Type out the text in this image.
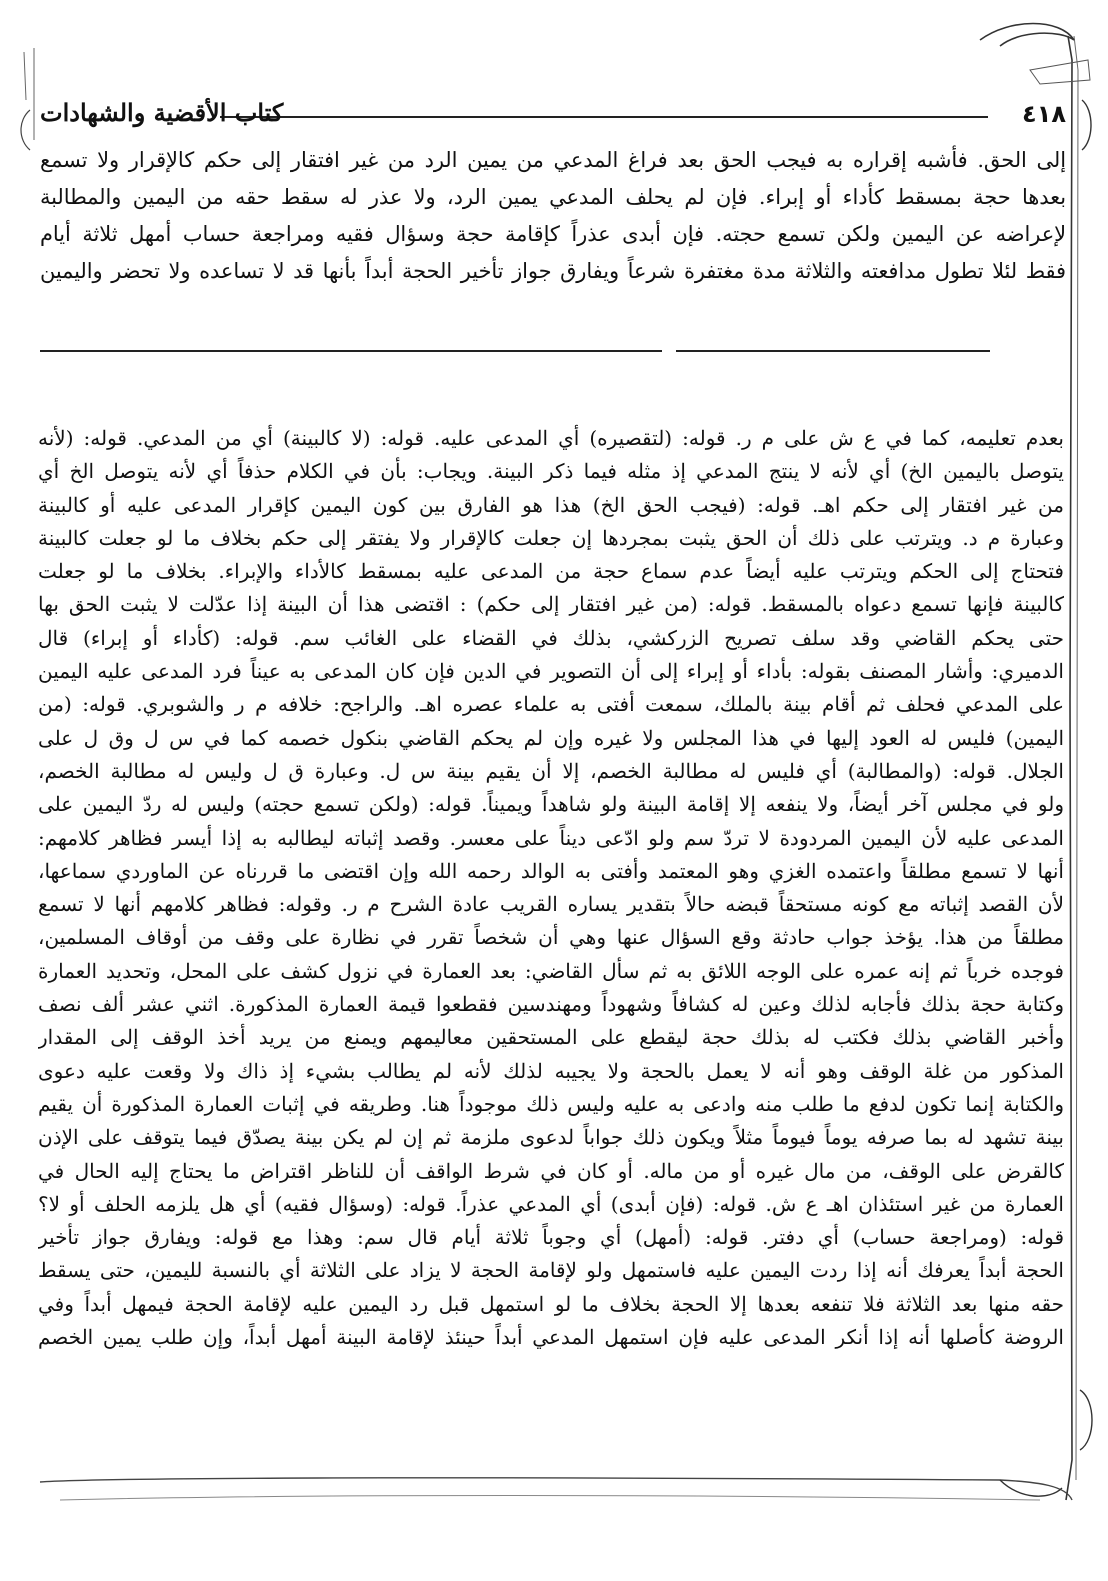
٤١٨
كتاب الأقضية والشهادات
إلى الحق. فأشبه إقراره به فيجب الحق بعد فراغ المدعي من يمين الرد من غير افتقار إلى حكم كالإقرار ولا تسمع
بعدها حجة بمسقط كأداء أو إبراء. فإن لم يحلف المدعي يمين الرد، ولا عذر له سقط حقه من اليمين والمطالبة
لإعراضه عن اليمين ولكن تسمع حجته. فإن أبدى عذراً كإقامة حجة وسؤال فقيه ومراجعة حساب أمهل ثلاثة أيام
فقط لئلا تطول مدافعته والثلاثة مدة مغتفرة شرعاً ويفارق جواز تأخير الحجة أبداً بأنها قد لا تساعده ولا تحضر واليمين
بعدم تعليمه، كما في ع ش على م ر. قوله: (لتقصيره) أي المدعى عليه. قوله: (لا كالبينة) أي من المدعي. قوله: (لأنه
يتوصل باليمين الخ) أي لأنه لا ينتج المدعي إذ مثله فيما ذكر البينة. ويجاب: بأن في الكلام حذفاً أي لأنه يتوصل الخ أي
من غير افتقار إلى حكم اهـ. قوله: (فيجب الحق الخ) هذا هو الفارق بين كون اليمين كإقرار المدعى عليه أو كالبينة
وعبارة م د. ويترتب على ذلك أن الحق يثبت بمجردها إن جعلت كالإقرار ولا يفتقر إلى حكم بخلاف ما لو جعلت كالبينة
فتحتاج إلى الحكم ويترتب عليه أيضاً عدم سماع حجة من المدعى عليه بمسقط كالأداء والإبراء. بخلاف ما لو جعلت
كالبينة فإنها تسمع دعواه بالمسقط. قوله: (من غير افتقار إلى حكم) : اقتضى هذا أن البينة إذا عدّلت لا يثبت الحق بها
حتى يحكم القاضي وقد سلف تصريح الزركشي، بذلك في القضاء على الغائب سم. قوله: (كأداء أو إبراء) قال
الدميري: وأشار المصنف بقوله: بأداء أو إبراء إلى أن التصوير في الدين فإن كان المدعى به عيناً فرد المدعى عليه اليمين
على المدعي فحلف ثم أقام بينة بالملك، سمعت أفتى به علماء عصره اهـ. والراجح: خلافه م ر والشوبري. قوله: (من
اليمين) فليس له العود إليها في هذا المجلس ولا غيره وإن لم يحكم القاضي بنكول خصمه كما في س ل وق ل على
الجلال. قوله: (والمطالبة) أي فليس له مطالبة الخصم، إلا أن يقيم بينة س ل. وعبارة ق ل وليس له مطالبة الخصم،
ولو في مجلس آخر أيضاً، ولا ينفعه إلا إقامة البينة ولو شاهداً ويميناً. قوله: (ولكن تسمع حجته) وليس له ردّ اليمين على
المدعى عليه لأن اليمين المردودة لا تردّ سم ولو ادّعى ديناً على معسر. وقصد إثباته ليطالبه به إذا أيسر فظاهر كلامهم:
أنها لا تسمع مطلقاً واعتمده الغزي وهو المعتمد وأفتى به الوالد رحمه الله وإن اقتضى ما قررناه عن الماوردي سماعها،
لأن القصد إثباته مع كونه مستحقاً قبضه حالاً بتقدير يساره القريب عادة الشرح م ر. وقوله: فظاهر كلامهم أنها لا تسمع
مطلقاً من هذا. يؤخذ جواب حادثة وقع السؤال عنها وهي أن شخصاً تقرر في نظارة على وقف من أوقاف المسلمين،
فوجده خرباً ثم إنه عمره على الوجه اللائق به ثم سأل القاضي: بعد العمارة في نزول كشف على المحل، وتحديد العمارة
وكتابة حجة بذلك فأجابه لذلك وعين له كشافاً وشهوداً ومهندسين فقطعوا قيمة العمارة المذكورة. اثني عشر ألف نصف
وأخبر القاضي بذلك فكتب له بذلك حجة ليقطع على المستحقين معاليمهم ويمنع من يريد أخذ الوقف إلى المقدار
المذكور من غلة الوقف وهو أنه لا يعمل بالحجة ولا يجيبه لذلك لأنه لم يطالب بشيء إذ ذاك ولا وقعت عليه دعوى
والكتابة إنما تكون لدفع ما طلب منه وادعى به عليه وليس ذلك موجوداً هنا. وطريقه في إثبات العمارة المذكورة أن يقيم
بينة تشهد له بما صرفه يوماً فيوماً مثلاً ويكون ذلك جواباً لدعوى ملزمة ثم إن لم يكن بينة يصدّق فيما يتوقف على الإذن
كالقرض على الوقف، من مال غيره أو من ماله. أو كان في شرط الواقف أن للناظر اقتراض ما يحتاج إليه الحال في
العمارة من غير استئذان اهـ ع ش. قوله: (فإن أبدى) أي المدعي عذراً. قوله: (وسؤال فقيه) أي هل يلزمه الحلف أو لا؟
قوله: (ومراجعة حساب) أي دفتر. قوله: (أمهل) أي وجوباً ثلاثة أيام قال سم: وهذا مع قوله: ويفارق جواز تأخير
الحجة أبداً يعرفك أنه إذا ردت اليمين عليه فاستمهل ولو لإقامة الحجة لا يزاد على الثلاثة أي بالنسبة لليمين، حتى يسقط
حقه منها بعد الثلاثة فلا تنفعه بعدها إلا الحجة بخلاف ما لو استمهل قبل رد اليمين عليه لإقامة الحجة فيمهل أبداً وفي
الروضة كأصلها أنه إذا أنكر المدعى عليه فإن استمهل المدعي أبداً حينئذ لإقامة البينة أمهل أبداً، وإن طلب يمين الخصم
